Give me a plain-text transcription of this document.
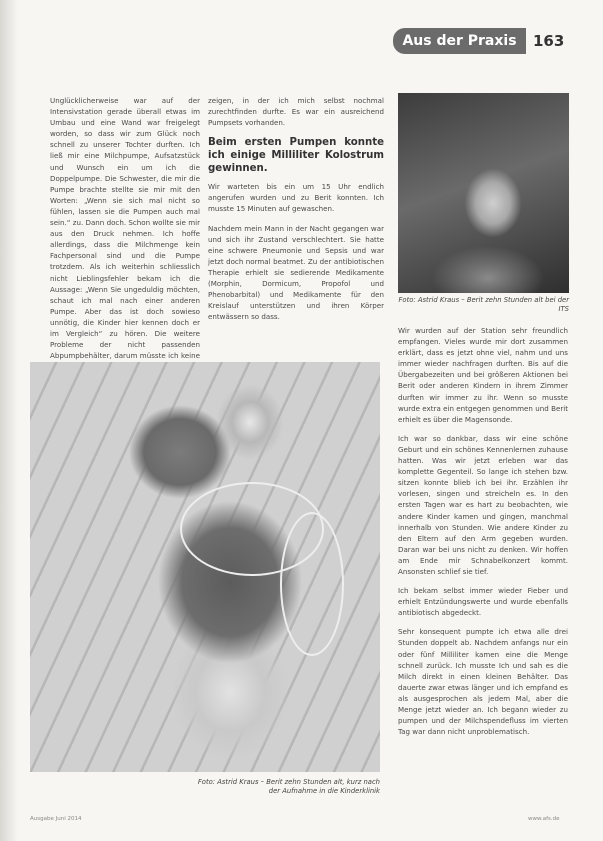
Aus der Praxis	163

Unglücklicherweise war auf der Intensivstation gerade überall etwas im Umbau und eine Wand war freigelegt worden, so dass wir zum Glück noch schnell zu unserer Tochter durften. Ich ließ mir eine Milchpumpe, Aufsatzstück und Wunsch ein um ich die Doppelpumpe. Die Schwester, die mir die Pumpe brachte stellte sie mir mit den Worten: „Wenn sie sich mal nicht so fühlen, lassen sie die Pumpen auch mal sein.“ zu. Dann doch. Schon wollte sie mir aus den Druck nehmen. Ich hoffe allerdings, dass die Milchmenge kein Fachpersonal sind und die Pumpe trotzdem. Als ich weiterhin schliesslich nicht Lieblingsfehler bekam ich die Aussage: „Wenn Sie ungeduldig möchten, schaut ich mal nach einer anderen Pumpe. Aber das ist doch sowieso unnötig, die Kinder hier kennen doch er im Vergleich“ zu hören. Die weitere Probleme der nicht passenden Abpumpbehälter, darum müsste ich keine

zeigen, in der ich mich selbst nochmal zurechtfinden durfte. Es war ein ausreichend Pumpsets vorhanden.

Beim ersten Pumpen konnte ich einige Milliliter Kolostrum gewinnen.

Wir warteten bis ein um 15 Uhr endlich angerufen wurden und zu Berit konnten. Ich musste 15 Minuten auf gewaschen.

Nachdem mein Mann in der Nacht gegangen war und sich ihr Zustand verschlechtert. Sie hatte eine schwere Pneumonie und Sepsis und war jetzt doch normal beatmet. Zu der antibiotischen Therapie erhielt sie sedierende Medikamente (Morphin, Dormicum, Propofol und Phenobarbital) und Medikamente für den Kreislauf unterstützen und ihren Körper entwässern so dass.

Foto: Astrid Kraus – Berit zehn Stunden alt bei der ITS

Wir wurden auf der Station sehr freundlich empfangen. Vieles wurde mir dort zusammen erklärt, dass es jetzt ohne viel, nahm und uns immer wieder nachfragen durften. Bis auf die Übergabezeiten und bei größeren Aktionen bei Berit oder anderen Kindern in ihrem Zimmer durften wir immer zu ihr. Wenn so musste wurde extra ein entgegen genommen und Berit erhielt es über die Magensonde.

Ich war so dankbar, dass wir eine schöne Geburt und ein schönes Kennenlernen zuhause hatten. Was wir jetzt erleben war das komplette Gegenteil. So lange ich stehen bzw. sitzen konnte blieb ich bei ihr. Erzählen ihr vorlesen, singen und streicheln es. In den ersten Tagen war es hart zu beobachten, wie andere Kinder kamen und gingen, manchmal innerhalb von Stunden. Wie andere Kinder zu den Eltern auf den Arm gegeben wurden. Daran war bei uns nicht zu denken. Wir hoffen am Ende mir Schnabelkonzert kommt. Ansonsten schlief sie tief.

Ich bekam selbst immer wieder Fieber und erhielt Entzündungswerte und wurde ebenfalls antibiotisch abgedeckt.

Sehr konsequent pumpte ich etwa alle drei Stunden doppelt ab. Nachdem anfangs nur ein oder fünf Milliliter kamen eine die Menge schnell zurück. Ich musste Ich und sah es die Milch direkt in einen kleinen Behälter. Das dauerte zwar etwas länger und ich empfand es als ausgesprochen als jedem Mal, aber die Menge jetzt wieder an. Ich begann wieder zu pumpen und der Milchspendefluss im vierten Tag war dann nicht unproblematisch.

Foto: Astrid Kraus – Berit zehn Stunden alt, kurz nach der Aufnahme in die Kinderklinik
Ausgabe Juni 2014	www.afs.de
